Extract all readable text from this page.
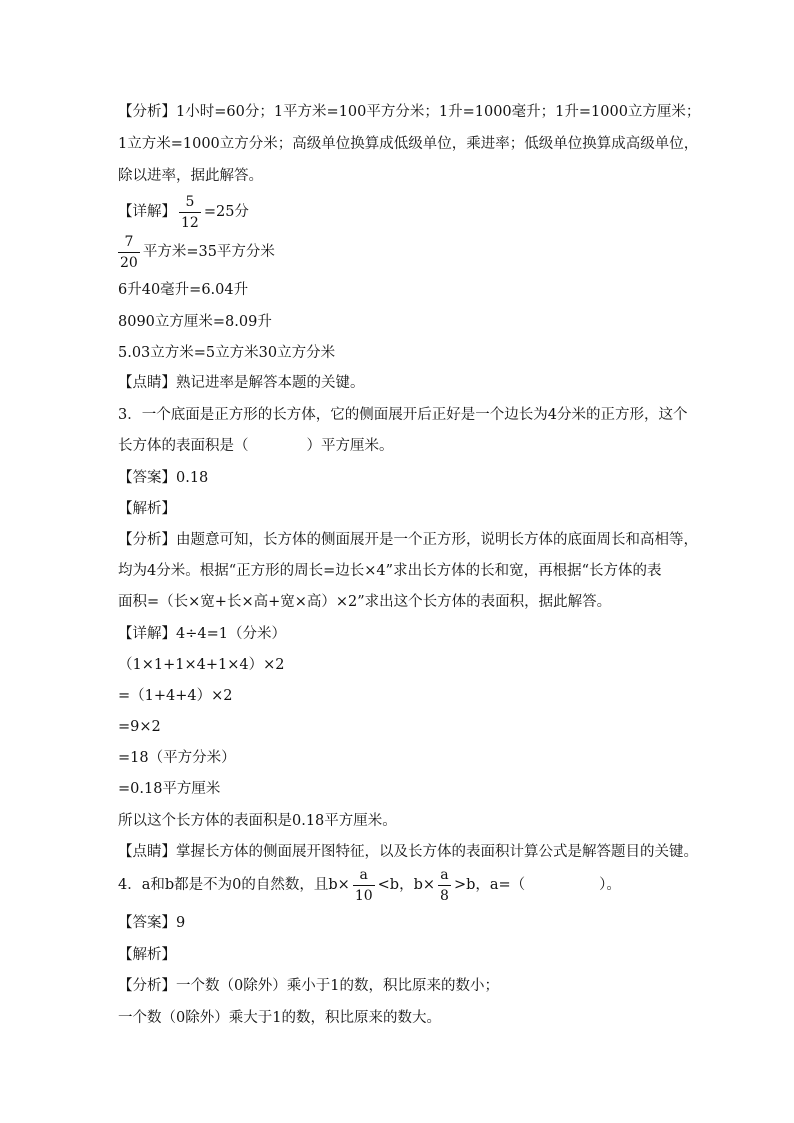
【分析】1小时=60分；1平方米=100平方分米；1升=1000毫升；1升=1000立方厘米；
1立方米=1000立方分米；高级单位换算成低级单位，乘进率；低级单位换算成高级单位，
除以进率，据此解答。
【详解】 $\frac{5}{12} =25$分
$\frac{7}{20}$ 平方米=35平方分米
6升40毫升=6.04升
8090立方厘米=8.09升
5.03立方米=5立方米30立方分米
【点睛】熟记进率是解答本题的关键。
3．一个底面是正方形的长方体，它的侧面展开后正好是一个边长为4分米的正方形，这个
长方体的表面积是（	）平方厘米。
【答案】0.18
【解析】
【分析】由题意可知，长方体的侧面展开是一个正方形，说明长方体的底面周长和高相等，
均为4分米。根据“正方形的周长=边长×4”求出长方体的长和宽，再根据“长方体的表
面积=（长×宽+长×高+宽×高）×2”求出这个长方体的表面积，据此解答。
【详解】4÷4=1（分米）
（1×1+1×4+1×4）×2
=（1+4+4）×2
=9×2
=18（平方分米）
=0.18平方厘米
所以这个长方体的表面积是0.18平方厘米。
【点睛】掌握长方体的侧面展开图特征，以及长方体的表面积计算公式是解答题目的关键。
4．a和b都是不为0的自然数，且$b\times \frac{a}{10} <b$，$b\times \frac{a}{8} >b$，a=（	）。
【答案】9
【解析】
【分析】一个数（0除外）乘小于1的数，积比原来的数小；
一个数（0除外）乘大于1的数，积比原来的数大。
